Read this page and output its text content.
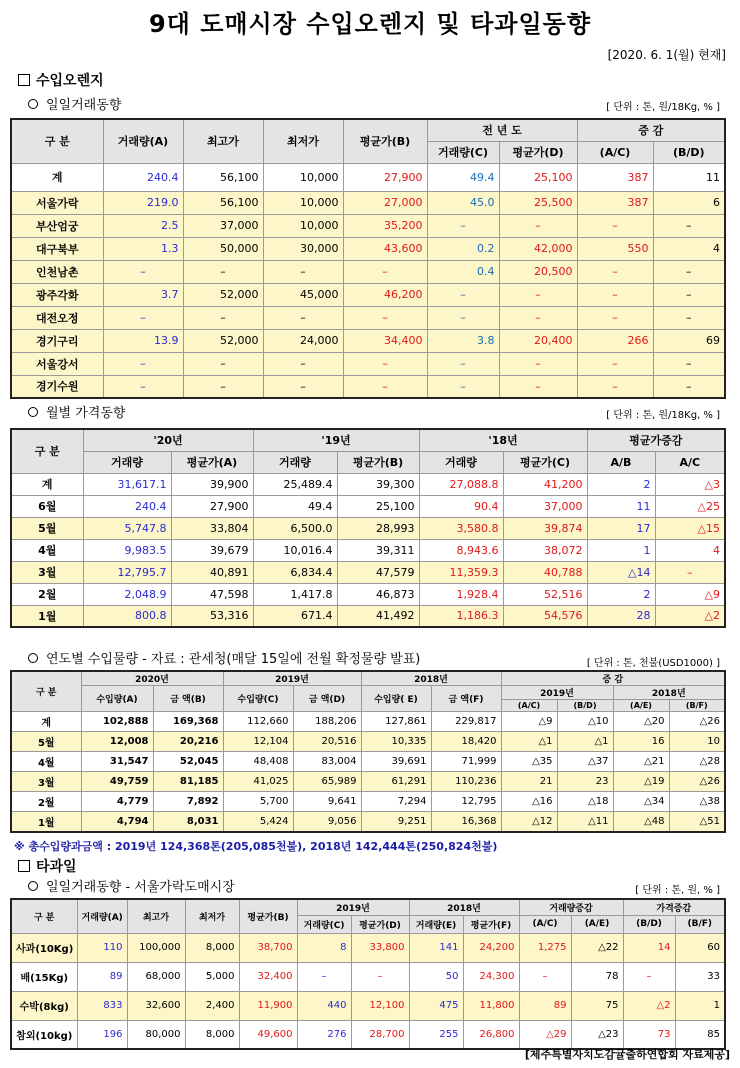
9대 도매시장 수입오렌지 및 타과일동향
[2020. 6. 1(월) 현재]
수입오렌지
일일거래동향	[ 단위 : 톤, 원/18Kg, % ]
구 분	거래량(A)	최고가	최저가	평균가(B)	전 년 도		증 감	
					거래량(C)	평균가(D)	(A/C)	(B/D)
계	240.4	56,100	10,000	27,900	49.4	25,100	387	11
서울가락	219.0	56,100	10,000	27,000	45.0	25,500	387	6
부산엄궁	2.5	37,000	10,000	35,200	–	–	–	–
대구북부	1.3	50,000	30,000	43,600	0.2	42,000	550	4
인천남촌	–	–	–	–	0.4	20,500	–	–
광주각화	3.7	52,000	45,000	46,200	–	–	–	–
대전오정	–	–	–	–	–	–	–	–
경기구리	13.9	52,000	24,000	34,400	3.8	20,400	266	69
서울강서	–	–	–	–	–	–	–	–
경기수원	–	–	–	–	–	–	–	–
월별 가격동향	[ 단위 : 톤, 원/18Kg, % ]
구 분	'20년		'19년		'18년		평균가증감	
	거래량	평균가(A)	거래량	평균가(B)	거래량	평균가(C)	A/B	A/C
계	31,617.1	39,900	25,489.4	39,300	27,088.8	41,200	2	△3
6월	240.4	27,900	49.4	25,100	90.4	37,000	11	△25
5월	5,747.8	33,804	6,500.0	28,993	3,580.8	39,874	17	△15
4월	9,983.5	39,679	10,016.4	39,311	8,943.6	38,072	1	4
3월	12,795.7	40,891	6,834.4	47,579	11,359.3	40,788	△14	–
2월	2,048.9	47,598	1,417.8	46,873	1,928.4	52,516	2	△9
1월	800.8	53,316	671.4	41,492	1,186.3	54,576	28	△2
연도별 수입물량 - 자료 : 관세청(매달 15일에 전월 확정물량 발표)	[ 단위 : 톤, 천불(USD1000) ]
구 분	2020년		2019년		2018년		증 감			
	수입량(A)	금 액(B)	수입량(C)	금 액(D)	수입량( E)	금 액(F)	2019년		2018년	
							(A/C)	(B/D)	(A/E)	(B/F)
계	102,888	169,368	112,660	188,206	127,861	229,817	△9	△10	△20	△26
5월	12,008	20,216	12,104	20,516	10,335	18,420	△1	△1	16	10
4월	31,547	52,045	48,408	83,004	39,691	71,999	△35	△37	△21	△28
3월	49,759	81,185	41,025	65,989	61,291	110,236	21	23	△19	△26
2월	4,779	7,892	5,700	9,641	7,294	12,795	△16	△18	△34	△38
1월	4,794	8,031	5,424	9,056	9,251	16,368	△12	△11	△48	△51
※ 총수입량과금액 : 2019년 124,368톤(205,085천불), 2018년 142,444톤(250,824천불)
타과일
일일거래동향 - 서울가락도매시장	[ 단위 : 톤, 원, % ]
구 분	거래량(A)	최고가	최저가	평균가(B)	2019년		2018년		거래량증감		가격증감	
					거래량(C)	평균가(D)	거래량(E)	평균가(F)	(A/C)	(A/E)	(B/D)	(B/F)
사과(10Kg)	110	100,000	8,000	38,700	8	33,800	141	24,200	1,275	△22	14	60
배(15Kg)	89	68,000	5,000	32,400	–	–	50	24,300	–	78	–	33
수박(8kg)	833	32,600	2,400	11,900	440	12,100	475	11,800	89	75	△2	1
참외(10kg)	196	80,000	8,000	49,600	276	28,700	255	26,800	△29	△23	73	85
[제주특별자치도감귤출하연합회 자료제공]
